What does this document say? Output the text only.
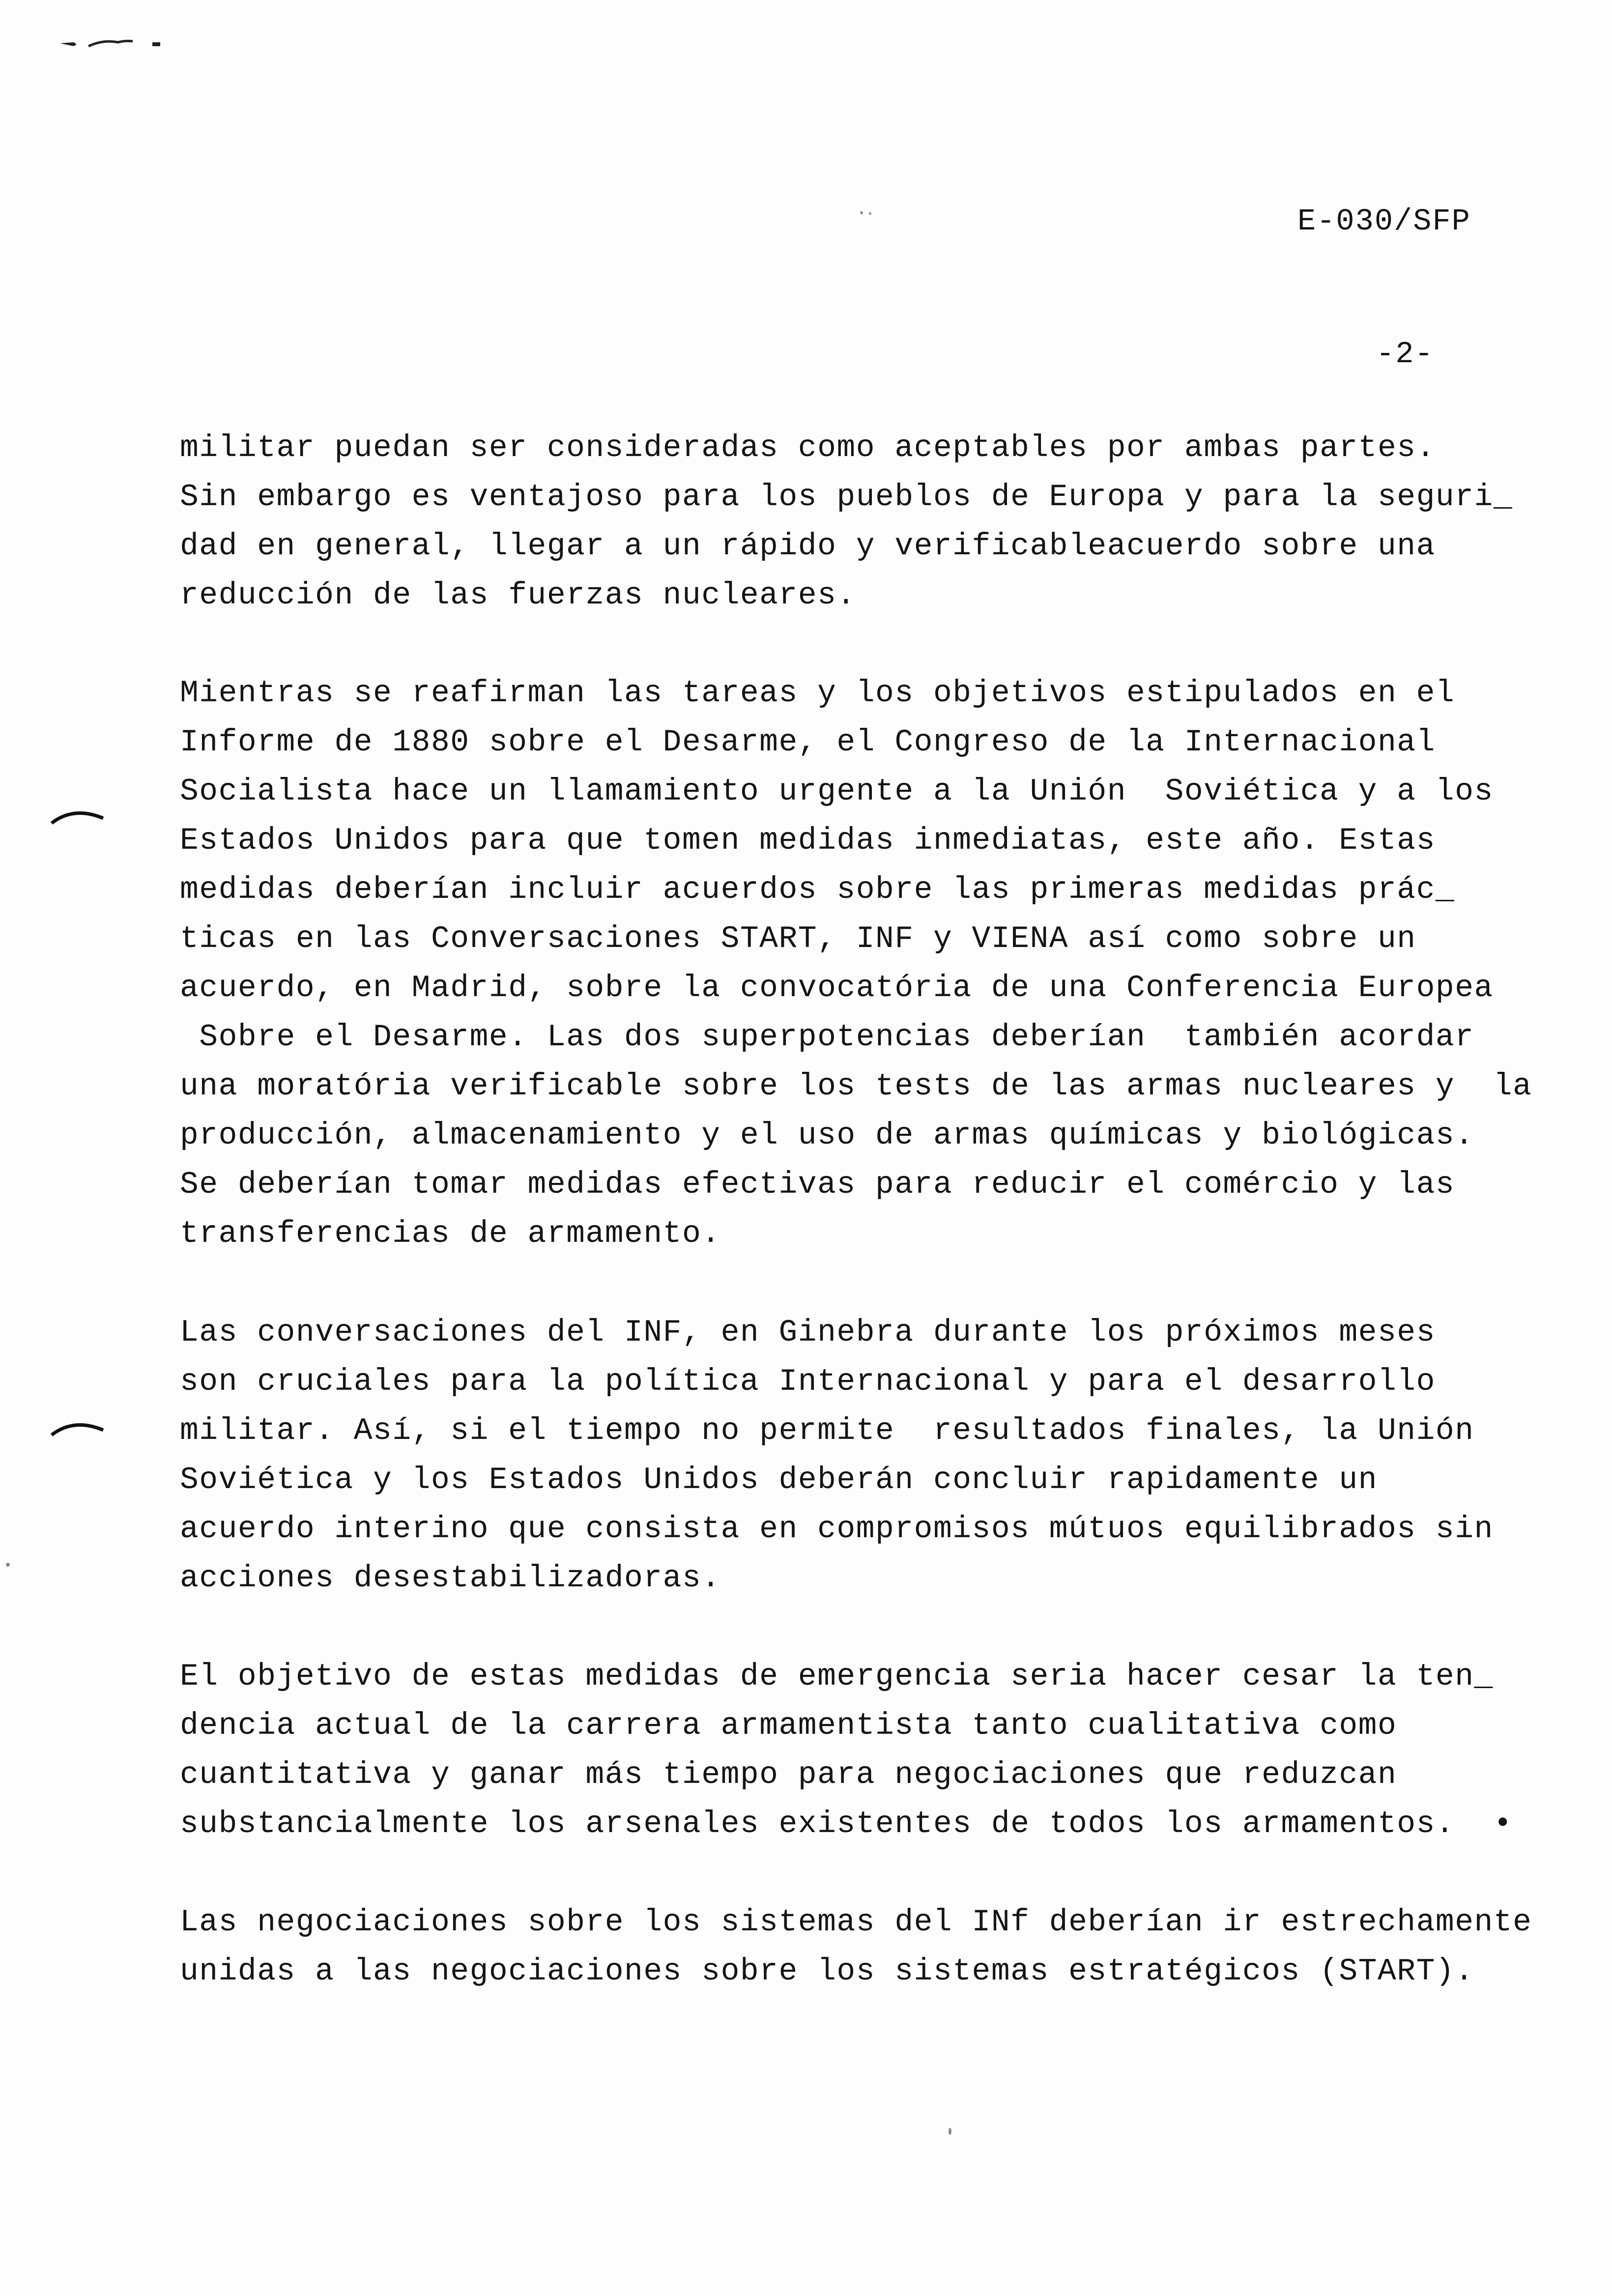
E-030/SFP
-2-
militar puedan ser consideradas como aceptables por ambas partes.
Sin embargo es ventajoso para los pueblos de Europa y para la seguri_
dad en general, llegar a un rápido y verificableacuerdo sobre una
reducción de las fuerzas nucleares.
Mientras se reafirman las tareas y los objetivos estipulados en el
Informe de 1880 sobre el Desarme, el Congreso de la Internacional
Socialista hace un llamamiento urgente a la Unión  Soviética y a los
Estados Unidos para que tomen medidas inmediatas, este año. Estas
medidas deberían incluir acuerdos sobre las primeras medidas prác_
ticas en las Conversaciones START, INF y VIENA así como sobre un
acuerdo, en Madrid, sobre la convocatória de una Conferencia Europea
Sobre el Desarme. Las dos superpotencias deberían  también acordar
una moratória verificable sobre los tests de las armas nucleares y  la
producción, almacenamiento y el uso de armas químicas y biológicas.
Se deberían tomar medidas efectivas para reducir el comércio y las
transferencias de armamento.
Las conversaciones del INF, en Ginebra durante los próximos meses
son cruciales para la política Internacional y para el desarrollo
militar. Así, si el tiempo no permite  resultados finales, la Unión
Soviética y los Estados Unidos deberán concluir rapidamente un
acuerdo interino que consista en compromisos mútuos equilibrados sin
acciones desestabilizadoras.
El objetivo de estas medidas de emergencia seria hacer cesar la ten_
dencia actual de la carrera armamentista tanto cualitativa como
cuantitativa y ganar más tiempo para negociaciones que reduzcan
substancialmente los arsenales existentes de todos los armamentos.  •
Las negociaciones sobre los sistemas del INf deberían ir estrechamente
unidas a las negociaciones sobre los sistemas estratégicos (START).
